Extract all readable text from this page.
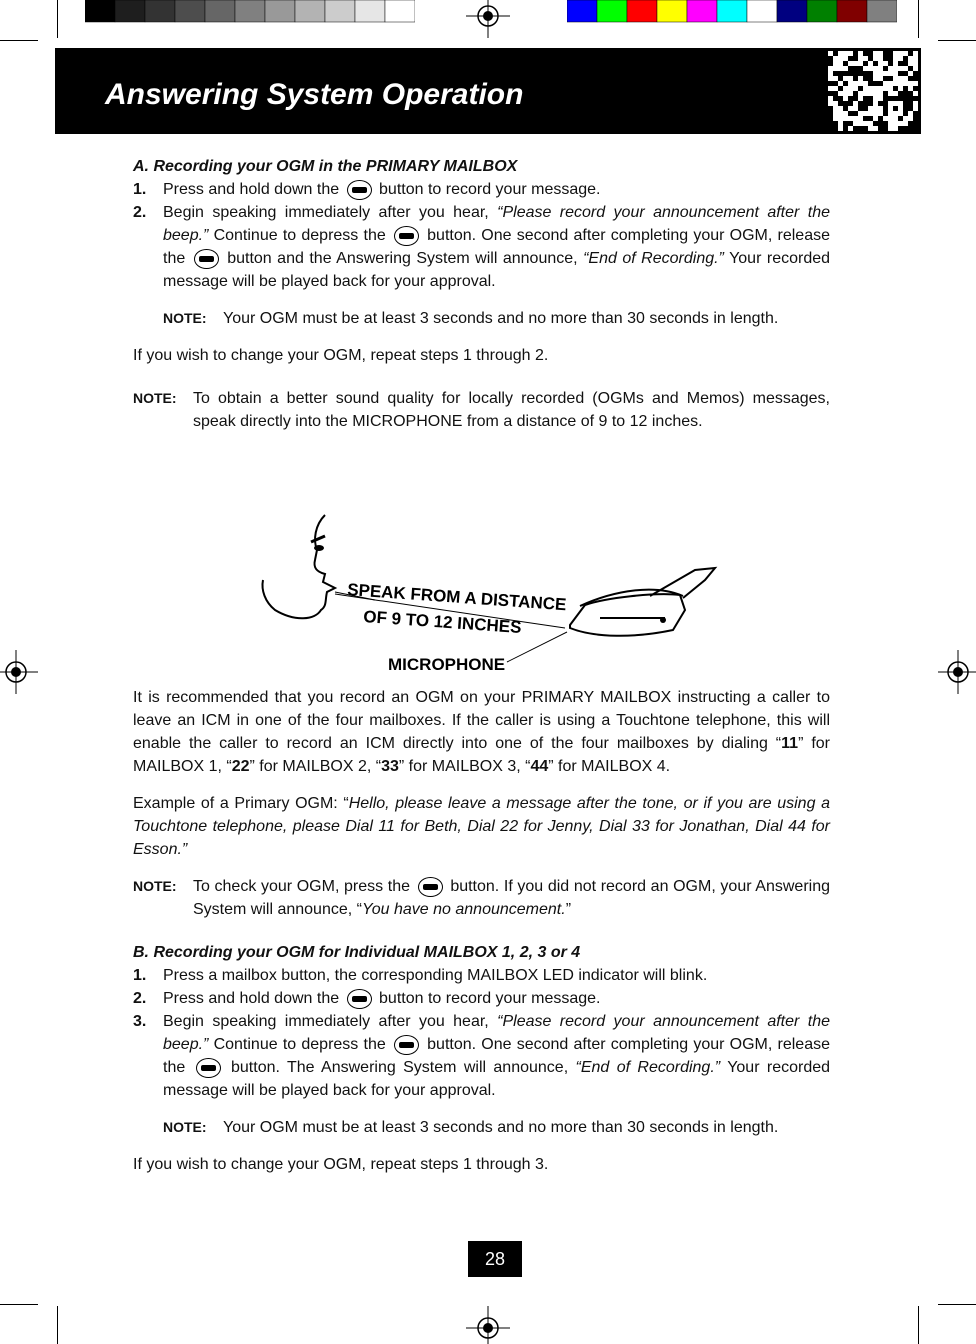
Answering System Operation

A. Recording your OGM in the PRIMARY MAILBOX

1. Press and hold down the button to record your message.

2. Begin speaking immediately after you hear, “Please record your announcement after the beep.” Continue to depress the	button. One second after completing your OGM, release the	button and the Answering System will announce, “End of Recording.” Your recorded message will be played back for your approval.

NOTE: Your OGM must be at least 3 seconds and no more than 30 seconds in length.

If you wish to change your OGM, repeat steps 1 through 2.

NOTE: To obtain a better sound quality for locally recorded (OGMs and Memos) messages, speak directly into the MICROPHONE from a distance of 9 to 12 inches.

SPEAK FROM A DISTANCE
OF 9 TO 12 INCHES
MICROPHONE

It is recommended that you record an OGM on your PRIMARY MAILBOX instructing a caller to leave an ICM in one of the four mailboxes. If the caller is using a Touchtone telephone, this will enable the caller to record an ICM directly into one of the four mailboxes by dialing “11” for MAILBOX 1, “22” for MAILBOX 2, “33” for MAILBOX 3, “44” for MAILBOX 4.

Example of a Primary OGM: “Hello, please leave a message after the tone, or if you are using a Touchtone telephone, please Dial 11 for Beth, Dial 22 for Jenny, Dial 33 for Jonathan, Dial 44 for Esson.”

NOTE: To check your OGM, press the	button. If you did not record an OGM, your Answering System will announce, “You have no announcement.”

B. Recording your OGM for Individual MAILBOX 1, 2, 3 or 4

1. Press a mailbox button, the corresponding MAILBOX LED indicator will blink.

2. Press and hold down the button to record your message.

3. Begin speaking immediately after you hear, “Please record your announcement after the beep.” Continue to depress the	button. One second after completing your OGM, release the	button. The Answering System will announce, “End of Recording.” Your recorded message will be played back for your approval.

NOTE: Your OGM must be at least 3 seconds and no more than 30 seconds in length.

If you wish to change your OGM, repeat steps 1 through 3.

28
